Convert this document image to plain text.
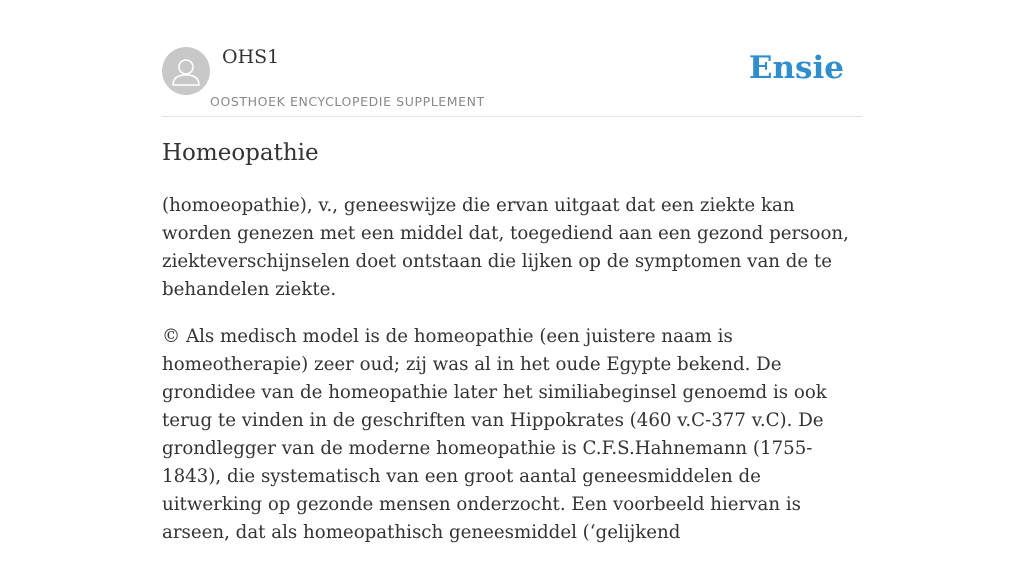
OHS1
OOSTHOEK ENCYCLOPEDIE SUPPLEMENT
Ensie
Homeopathie

(homoeopathie), v., geneeswijze die ervan uitgaat dat een ziekte kan worden genezen met een middel dat, toegediend aan een gezond persoon, ziekteverschijnselen doet ontstaan die lijken op de symptomen van de te behandelen ziekte.

© Als medisch model is de homeopathie (een juistere naam is homeotherapie) zeer oud; zij was al in het oude Egypte bekend. De grondidee van de homeopathie later het similiabeginsel genoemd is ook terug te vinden in de geschriften van Hippokrates (460 v.C-377 v.C). De grondlegger van de moderne homeopathie is C.F.S.Hahnemann (1755-1843), die systematisch van een groot aantal geneesmiddelen de uitwerking op gezonde mensen onderzocht. Een voorbeeld hiervan is arseen, dat als homeopathisch geneesmiddel (‘gelijkend
